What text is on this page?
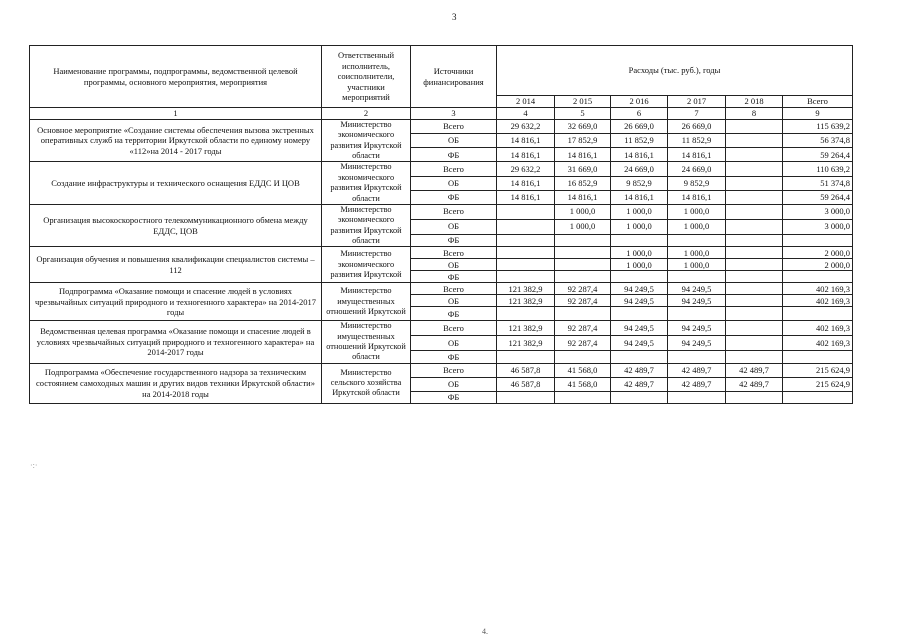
3
Наименование программы, подпрограммы, ведомственной целевой программы, основного мероприятия, мероприятия	Ответственный исполнитель, соисполнители, участники мероприятий	Источники финансирования	Расходы (тыс. руб.), годы					
			2 014	2 015	2 016	2 017	2 018	Всего
1	2	3	4	5	6	7	8	9
Основное мероприятие «Создание системы обеспечения вызова экстренных оперативных служб на территории Иркутской области по единому номеру «112»на 2014 - 2017 годы	Министерство экономического развития Иркутской области	Всего	29 632,2	32 669,0	26 669,0	26 669,0		115 639,2
		ОБ	14 816,1	17 852,9	11 852,9	11 852,9		56 374,8
		ФБ	14 816,1	14 816,1	14 816,1	14 816,1		59 264,4
Создание инфраструктуры и технического оснащения ЕДДС И ЦОВ	Министерство экономического развития Иркутской области	Всего	29 632,2	31 669,0	24 669,0	24 669,0		110 639,2
		ОБ	14 816,1	16 852,9	9 852,9	9 852,9		51 374,8
		ФБ	14 816,1	14 816,1	14 816,1	14 816,1		59 264,4
Организация высокоскоростного телекоммуникационного обмена между ЕДДС, ЦОВ	Министерство экономического развития Иркутской области	Всего		1 000,0	1 000,0	1 000,0		3 000,0
		ОБ		1 000,0	1 000,0	1 000,0		3 000,0
		ФБ						
Организация обучения и повышения квалификации специалистов системы – 112	Министерство экономического развития Иркутской	Всего			1 000,0	1 000,0		2 000,0
		ОБ			1 000,0	1 000,0		2 000,0
		ФБ						
Подпрограмма «Оказание помощи и спасение людей в условиях чрезвычайных ситуаций природного и техногенного характера» на 2014-2017 годы	Министерство имущественных отношений Иркутской	Всего	121 382,9	92 287,4	94 249,5	94 249,5		402 169,3
		ОБ	121 382,9	92 287,4	94 249,5	94 249,5		402 169,3
		ФБ						
Ведомственная целевая программа «Оказание помощи и спасение людей в условиях чрезвычайных ситуаций природного и техногенного характера» на 2014-2017 годы	Министерство имущественных отношений Иркутской области	Всего	121 382,9	92 287,4	94 249,5	94 249,5		402 169,3
		ОБ	121 382,9	92 287,4	94 249,5	94 249,5		402 169,3
		ФБ						
Подпрограмма «Обеспечение государственного надзора за техническим состоянием самоходных машин и других видов техники Иркутской области» на 2014-2018 годы	Министерство сельского хозяйства Иркутской области	Всего	46 587,8	41 568,0	42 489,7	42 489,7	42 489,7	215 624,9
		ОБ	46 587,8	41 568,0	42 489,7	42 489,7	42 489,7	215 624,9
		ФБ						
·:·
4.
